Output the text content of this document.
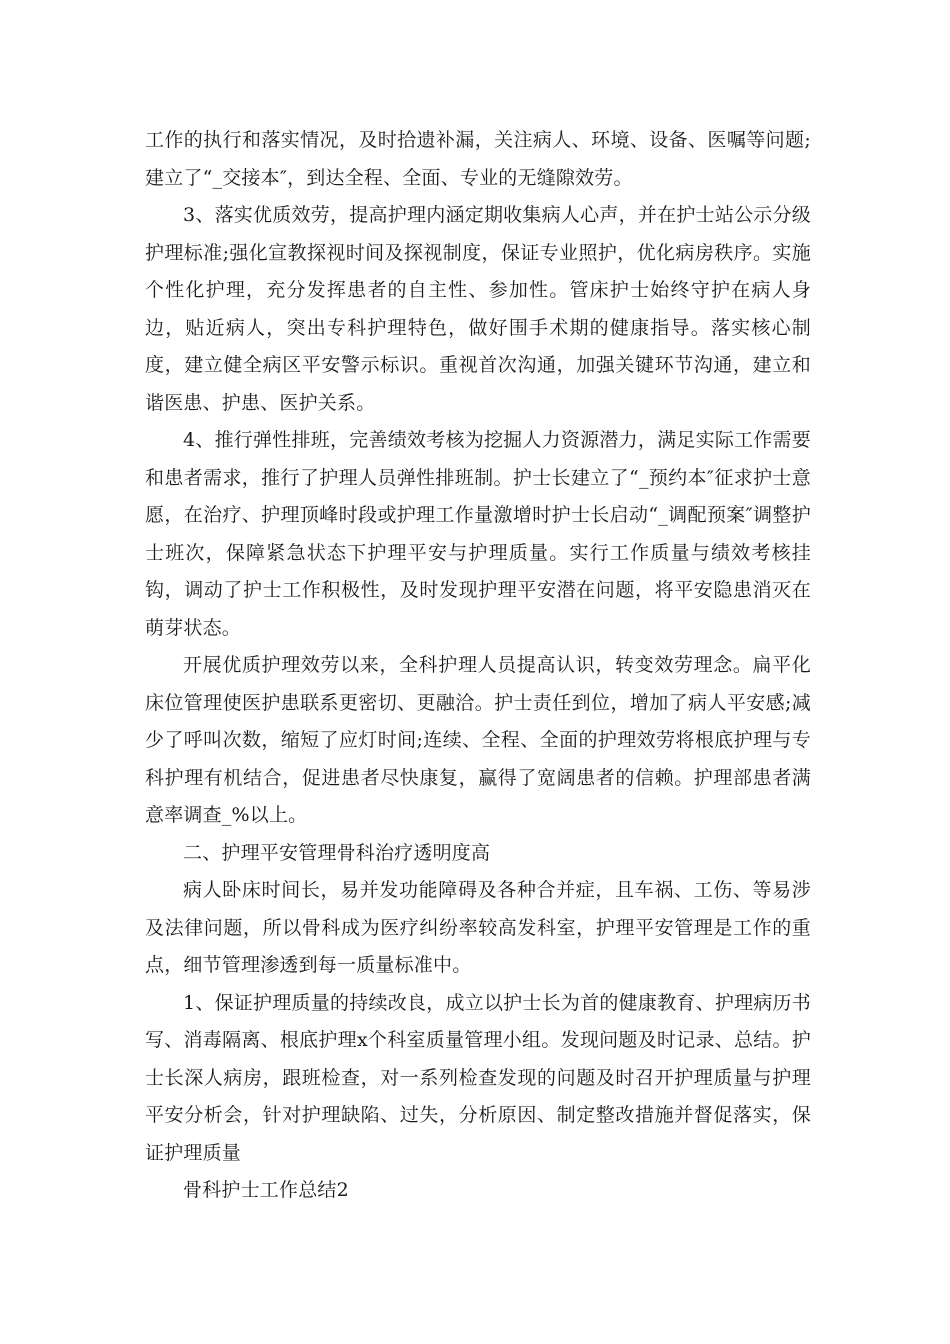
工作的执行和落实情况，及时拾遗补漏，关注病人、环境、设备、医嘱等问题;建立了“_交接本″，到达全程、全面、专业的无缝隙效劳。

3、落实优质效劳，提高护理内涵定期收集病人心声，并在护士站公示分级护理标准;强化宣教探视时间及探视制度，保证专业照护，优化病房秩序。实施个性化护理，充分发挥患者的自主性、参加性。管床护士始终守护在病人身边，贴近病人，突出专科护理特色，做好围手术期的健康指导。落实核心制度，建立健全病区平安警示标识。重视首次沟通，加强关键环节沟通，建立和谐医患、护患、医护关系。

4、推行弹性排班，完善绩效考核为挖掘人力资源潜力，满足实际工作需要和患者需求，推行了护理人员弹性排班制。护士长建立了“_预约本″征求护士意愿，在治疗、护理顶峰时段或护理工作量激增时护士长启动“_调配预案″调整护士班次，保障紧急状态下护理平安与护理质量。实行工作质量与绩效考核挂钩，调动了护士工作积极性，及时发现护理平安潜在问题，将平安隐患消灭在萌芽状态。

开展优质护理效劳以来，全科护理人员提高认识，转变效劳理念。扁平化床位管理使医护患联系更密切、更融洽。护士责任到位，增加了病人平安感;减少了呼叫次数，缩短了应灯时间;连续、全程、全面的护理效劳将根底护理与专科护理有机结合，促进患者尽快康复，赢得了宽阔患者的信赖。护理部患者满意率调查_%以上。

二、护理平安管理骨科治疗透明度高

病人卧床时间长，易并发功能障碍及各种合并症，且车祸、工伤、等易涉及法律问题，所以骨科成为医疗纠纷率较高发科室，护理平安管理是工作的重点，细节管理渗透到每一质量标准中。

1、保证护理质量的持续改良，成立以护士长为首的健康教育、护理病历书写、消毒隔离、根底护理x个科室质量管理小组。发现问题及时记录、总结。护士长深人病房，跟班检查，对一系列检查发现的问题及时召开护理质量与护理平安分析会，针对护理缺陷、过失，分析原因、制定整改措施并督促落实，保证护理质量

骨科护士工作总结2
